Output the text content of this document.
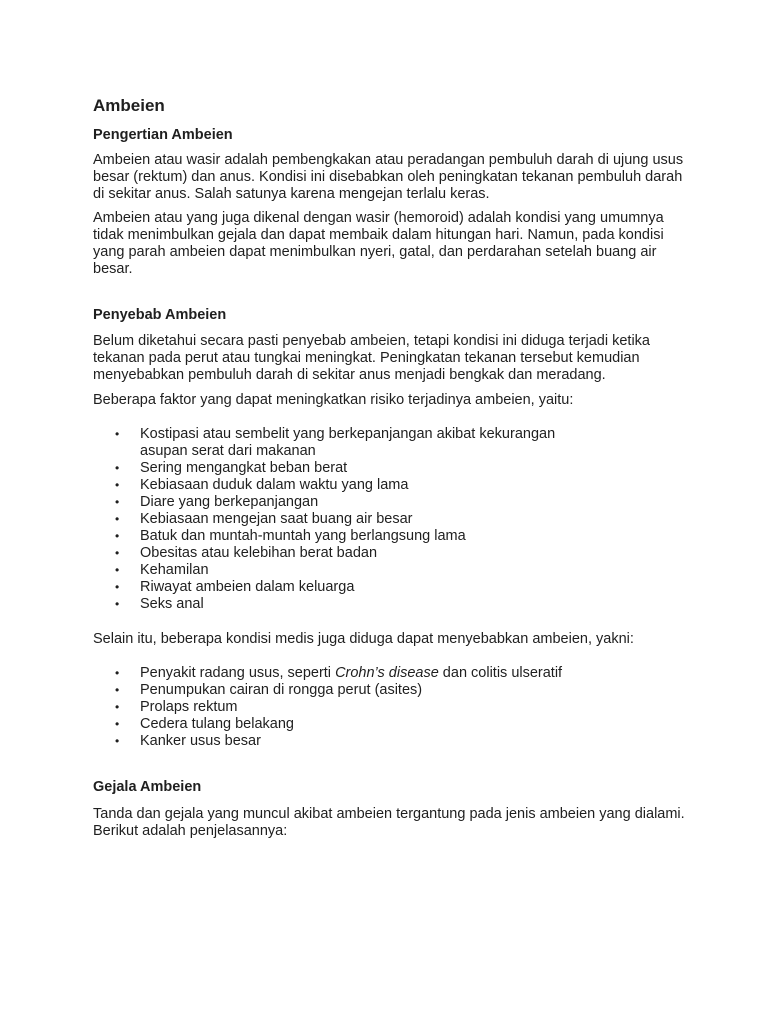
Ambeien
Pengertian Ambeien

Ambeien atau wasir adalah pembengkakan atau peradangan pembuluh darah di ujung usus besar (rektum) dan anus. Kondisi ini disebabkan oleh peningkatan tekanan pembuluh darah di sekitar anus. Salah satunya karena mengejan terlalu keras.

Ambeien atau yang juga dikenal dengan wasir (hemoroid) adalah kondisi yang umumnya tidak menimbulkan gejala dan dapat membaik dalam hitungan hari. Namun, pada kondisi yang parah ambeien dapat menimbulkan nyeri, gatal, dan perdarahan setelah buang air besar.

Penyebab Ambeien

Belum diketahui secara pasti penyebab ambeien, tetapi kondisi ini diduga terjadi ketika tekanan pada perut atau tungkai meningkat. Peningkatan tekanan tersebut kemudian menyebabkan pembuluh darah di sekitar anus menjadi bengkak dan meradang.

Beberapa faktor yang dapat meningkatkan risiko terjadinya ambeien, yaitu:

• Kostipasi atau sembelit yang berkepanjangan akibat kekurangan asupan serat dari makanan
• Sering mengangkat beban berat
• Kebiasaan duduk dalam waktu yang lama
• Diare yang berkepanjangan
• Kebiasaan mengejan saat buang air besar
• Batuk dan muntah-muntah yang berlangsung lama
• Obesitas atau kelebihan berat badan
• Kehamilan
• Riwayat ambeien dalam keluarga
• Seks anal

Selain itu, beberapa kondisi medis juga diduga dapat menyebabkan ambeien, yakni:

• Penyakit radang usus, seperti Crohn’s disease dan colitis ulseratif
• Penumpukan cairan di rongga perut (asites)
• Prolaps rektum
• Cedera tulang belakang
• Kanker usus besar
Gejala Ambeien

Tanda dan gejala yang muncul akibat ambeien tergantung pada jenis ambeien yang dialami. Berikut adalah penjelasannya:
